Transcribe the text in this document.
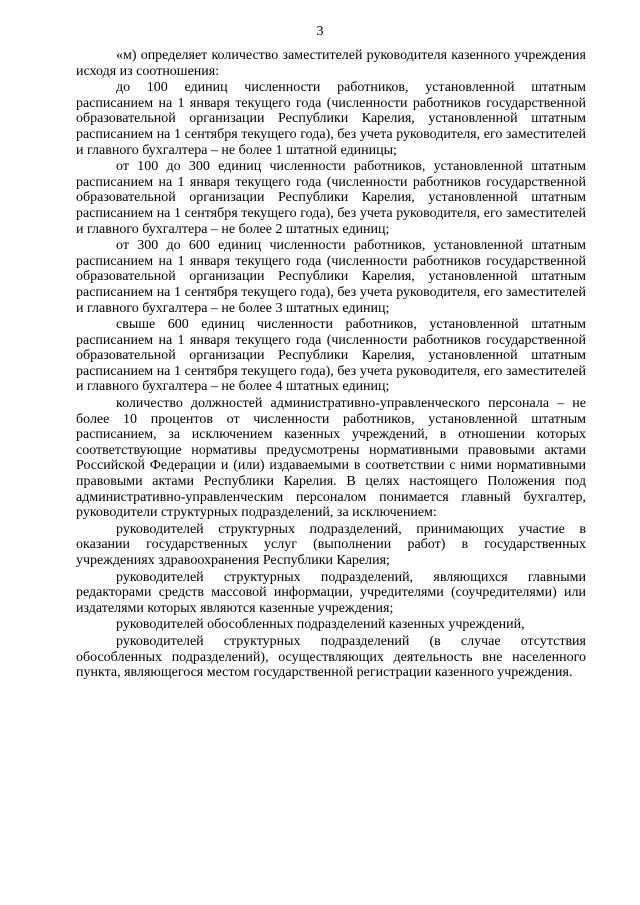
3

«м) определяет количество заместителей руководителя казенного учреждения исходя из соотношения:

до 100 единиц численности работников, установленной штатным расписанием на 1 января текущего года (численности работников государственной образовательной организации Республики Карелия, установленной штатным расписанием на 1 сентября текущего года), без учета руководителя, его заместителей и главного бухгалтера – не более 1 штатной единицы;

от 100 до 300 единиц численности работников, установленной штатным расписанием на 1 января текущего года (численности работников государственной образовательной организации Республики Карелия, установленной штатным расписанием на 1 сентября текущего года), без учета руководителя, его заместителей и главного бухгалтера – не более 2 штатных единиц;

от 300 до 600 единиц численности работников, установленной штатным расписанием на 1 января текущего года (численности работников государственной образовательной организации Республики Карелия, установленной штатным расписанием на 1 сентября текущего года), без учета руководителя, его заместителей и главного бухгалтера – не более 3 штатных единиц;

свыше 600 единиц численности работников, установленной штатным расписанием на 1 января текущего года (численности работников государственной образовательной организации Республики Карелия, установленной штатным расписанием на 1 сентября текущего года), без учета руководителя, его заместителей и главного бухгалтера – не более 4 штатных единиц;

количество должностей административно-управленческого персонала – не более 10 процентов от численности работников, установленной штатным расписанием, за исключением казенных учреждений, в отношении которых соответствующие нормативы предусмотрены нормативными правовыми актами Российской Федерации и (или) издаваемыми в соответствии с ними нормативными правовыми актами Республики Карелия. В целях настоящего Положения под административно-управленческим персоналом понимается главный бухгалтер, руководители структурных подразделений, за исключением:

руководителей структурных подразделений, принимающих участие в оказании государственных услуг (выполнении работ) в государственных учреждениях здравоохранения Республики Карелия;

руководителей структурных подразделений, являющихся главными редакторами средств массовой информации, учредителями (соучредителями) или издателями которых являются казенные учреждения;

руководителей обособленных подразделений казенных учреждений,

руководителей структурных подразделений (в случае отсутствия обособленных подразделений), осуществляющих деятельность вне населенного пункта, являющегося местом государственной регистрации казенного учреждения.
